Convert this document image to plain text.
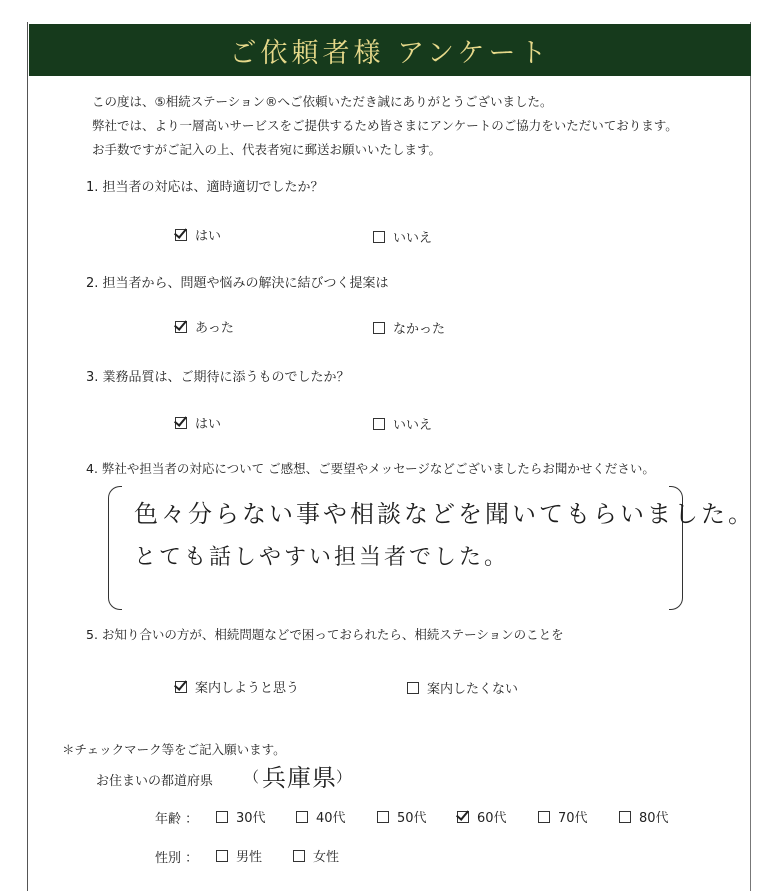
ご依頼者様 アンケート
この度は、⑤相続ステーション®へご依頼いただき誠にありがとうございました。
弊社では、より一層高いサービスをご提供するため皆さまにアンケートのご協力をいただいております。
お手数ですがご記入の上、代表者宛に郵送お願いいたします。
1. 担当者の対応は、適時適切でしたか？
はい	いいえ
2. 担当者から、問題や悩みの解決に結びつく提案は
あった	なかった
3. 業務品質は、ご期待に添うものでしたか？
はい	いいえ
4. 弊社や担当者の対応について ご感想、ご要望やメッセージなどございましたらお聞かせください。
色々分らない事や相談などを聞いてもらいました。
とても話しやすい担当者でした。
5. お知り合いの方が、相続問題などで困っておられたら、相続ステーションのことを
案内しようと思う	案内したくない
＊チェックマーク等をご記入願います。
お住まいの都道府県 （ 兵庫県 ）
年齢 ：	30代	40代	50代	60代	70代	80代
性別 ：	男性	女性
